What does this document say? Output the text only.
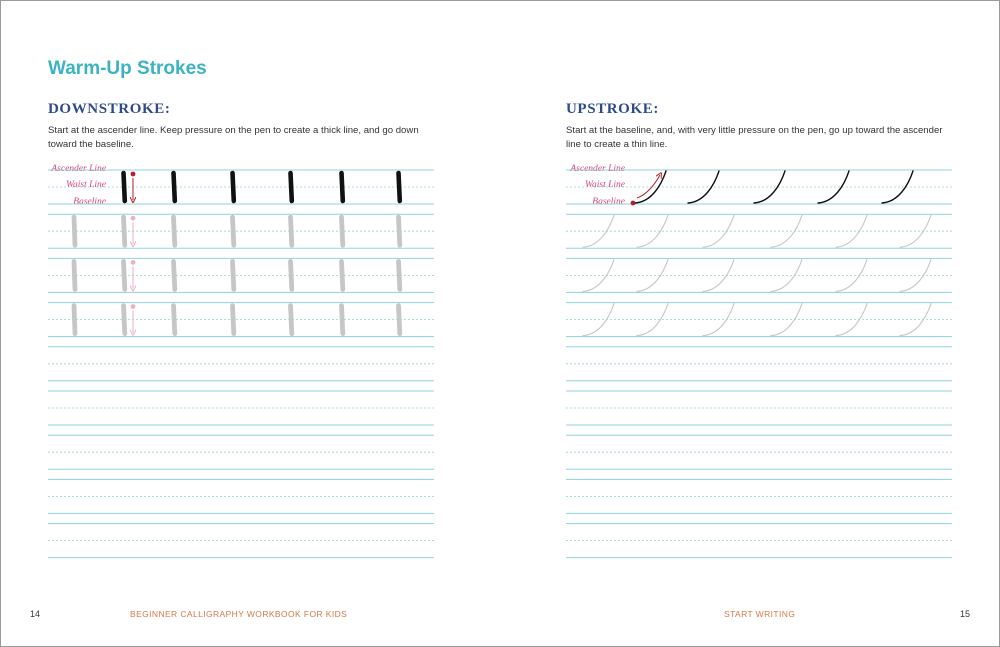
Warm-Up Strokes
DOWNSTROKE:

Start at the ascender line. Keep pressure on the pen to create a thick line, and go down toward the baseline.

UPSTROKE:

Start at the baseline, and, with very little pressure on the pen, go up toward the ascender line to create a thin line.

Ascender Line
Waist Line
Baseline
Ascender Line
Waist Line
Baseline
14	BEGINNER CALLIGRAPHY WORKBOOK FOR KIDS	START WRITING	15
